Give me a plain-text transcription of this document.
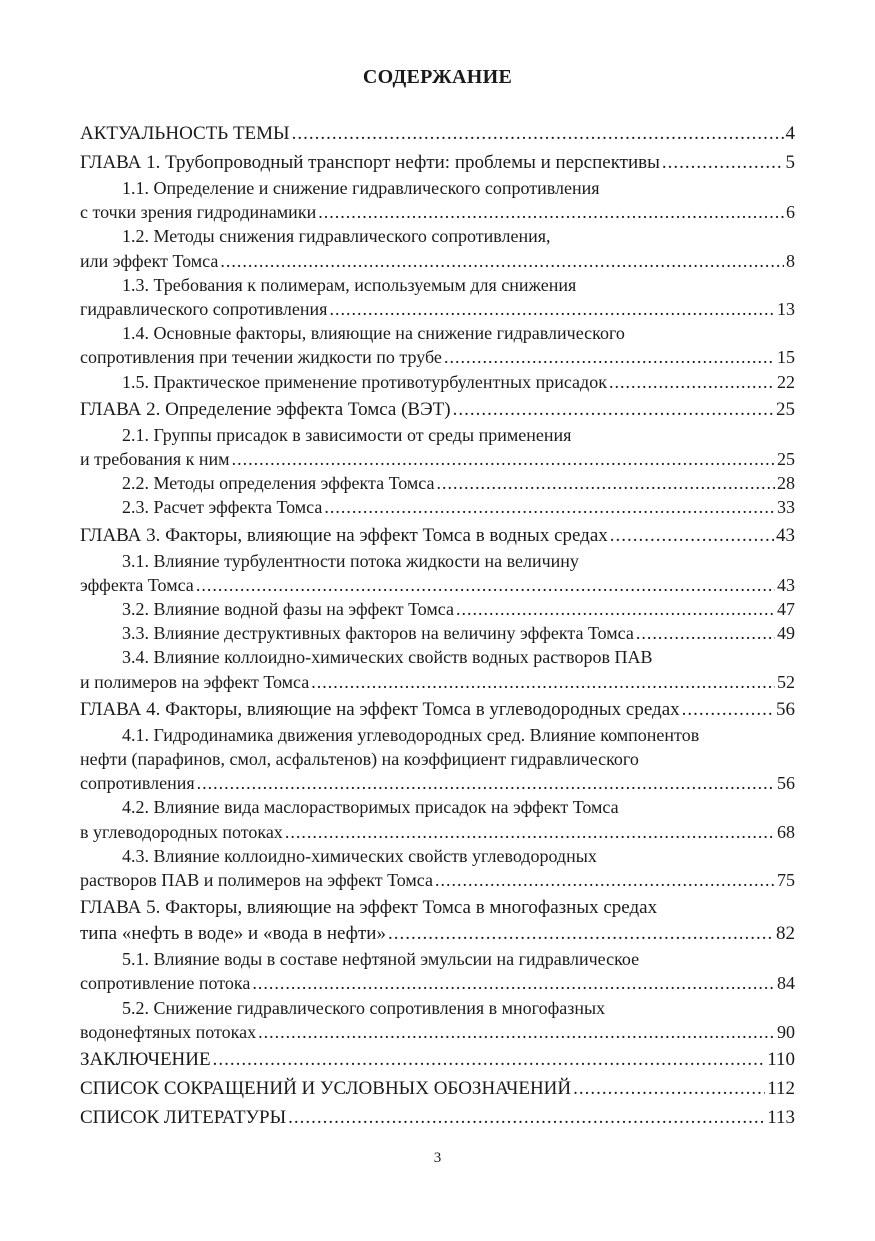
СОДЕРЖАНИЕ
АКТУАЛЬНОСТЬ ТЕМЫ .....	4
ГЛАВА 1. Трубопроводный транспорт нефти: проблемы и перспективы .....	5
1.1. Определение и снижение гидравлического сопротивления
с точки зрения гидродинамики .....	6
1.2. Методы снижения гидравлического сопротивления,
или эффект Томса .....	8
1.3. Требования к полимерам, используемым для снижения
гидравлического сопротивления .....	13
1.4. Основные факторы, влияющие на снижение гидравлического
сопротивления при течении жидкости по трубе .....	15
1.5. Практическое применение противотурбулентных присадок .....	22
ГЛАВА 2. Определение эффекта Томса (ВЭТ) .....	25
2.1. Группы присадок в зависимости от среды применения
и требования к ним .....	25
2.2. Методы определения эффекта Томса .....	28
2.3. Расчет эффекта Томса .....	33
ГЛАВА 3. Факторы, влияющие на эффект Томса в водных средах .....	43
3.1. Влияние турбулентности потока жидкости на величину
эффекта Томса .....	43
3.2. Влияние водной фазы на эффект Томса .....	47
3.3. Влияние деструктивных факторов на величину эффекта Томса .....	49
3.4. Влияние коллоидно-химических свойств водных растворов ПАВ
и полимеров на эффект Томса .....	52
ГЛАВА 4. Факторы, влияющие на эффект Томса в углеводородных средах .....	56
4.1. Гидродинамика движения углеводородных сред. Влияние компонентов
нефти (парафинов, смол, асфальтенов) на коэффициент гидравлического
сопротивления .....	56
4.2. Влияние вида маслорастворимых присадок на эффект Томса
в углеводородных потоках .....	68
4.3. Влияние коллоидно-химических свойств углеводородных
растворов ПАВ и полимеров на эффект Томса .....	75
ГЛАВА 5. Факторы, влияющие на эффект Томса в многофазных средах
типа «нефть в воде» и «вода в нефти» .....	82
5.1. Влияние воды в составе нефтяной эмульсии на гидравлическое
сопротивление потока .....	84
5.2. Снижение гидравлического сопротивления в многофазных
водонефтяных потоках .....	90
ЗАКЛЮЧЕНИЕ .....	110
СПИСОК СОКРАЩЕНИЙ И УСЛОВНЫХ ОБОЗНАЧЕНИЙ .....	112
СПИСОК ЛИТЕРАТУРЫ .....	113
3
